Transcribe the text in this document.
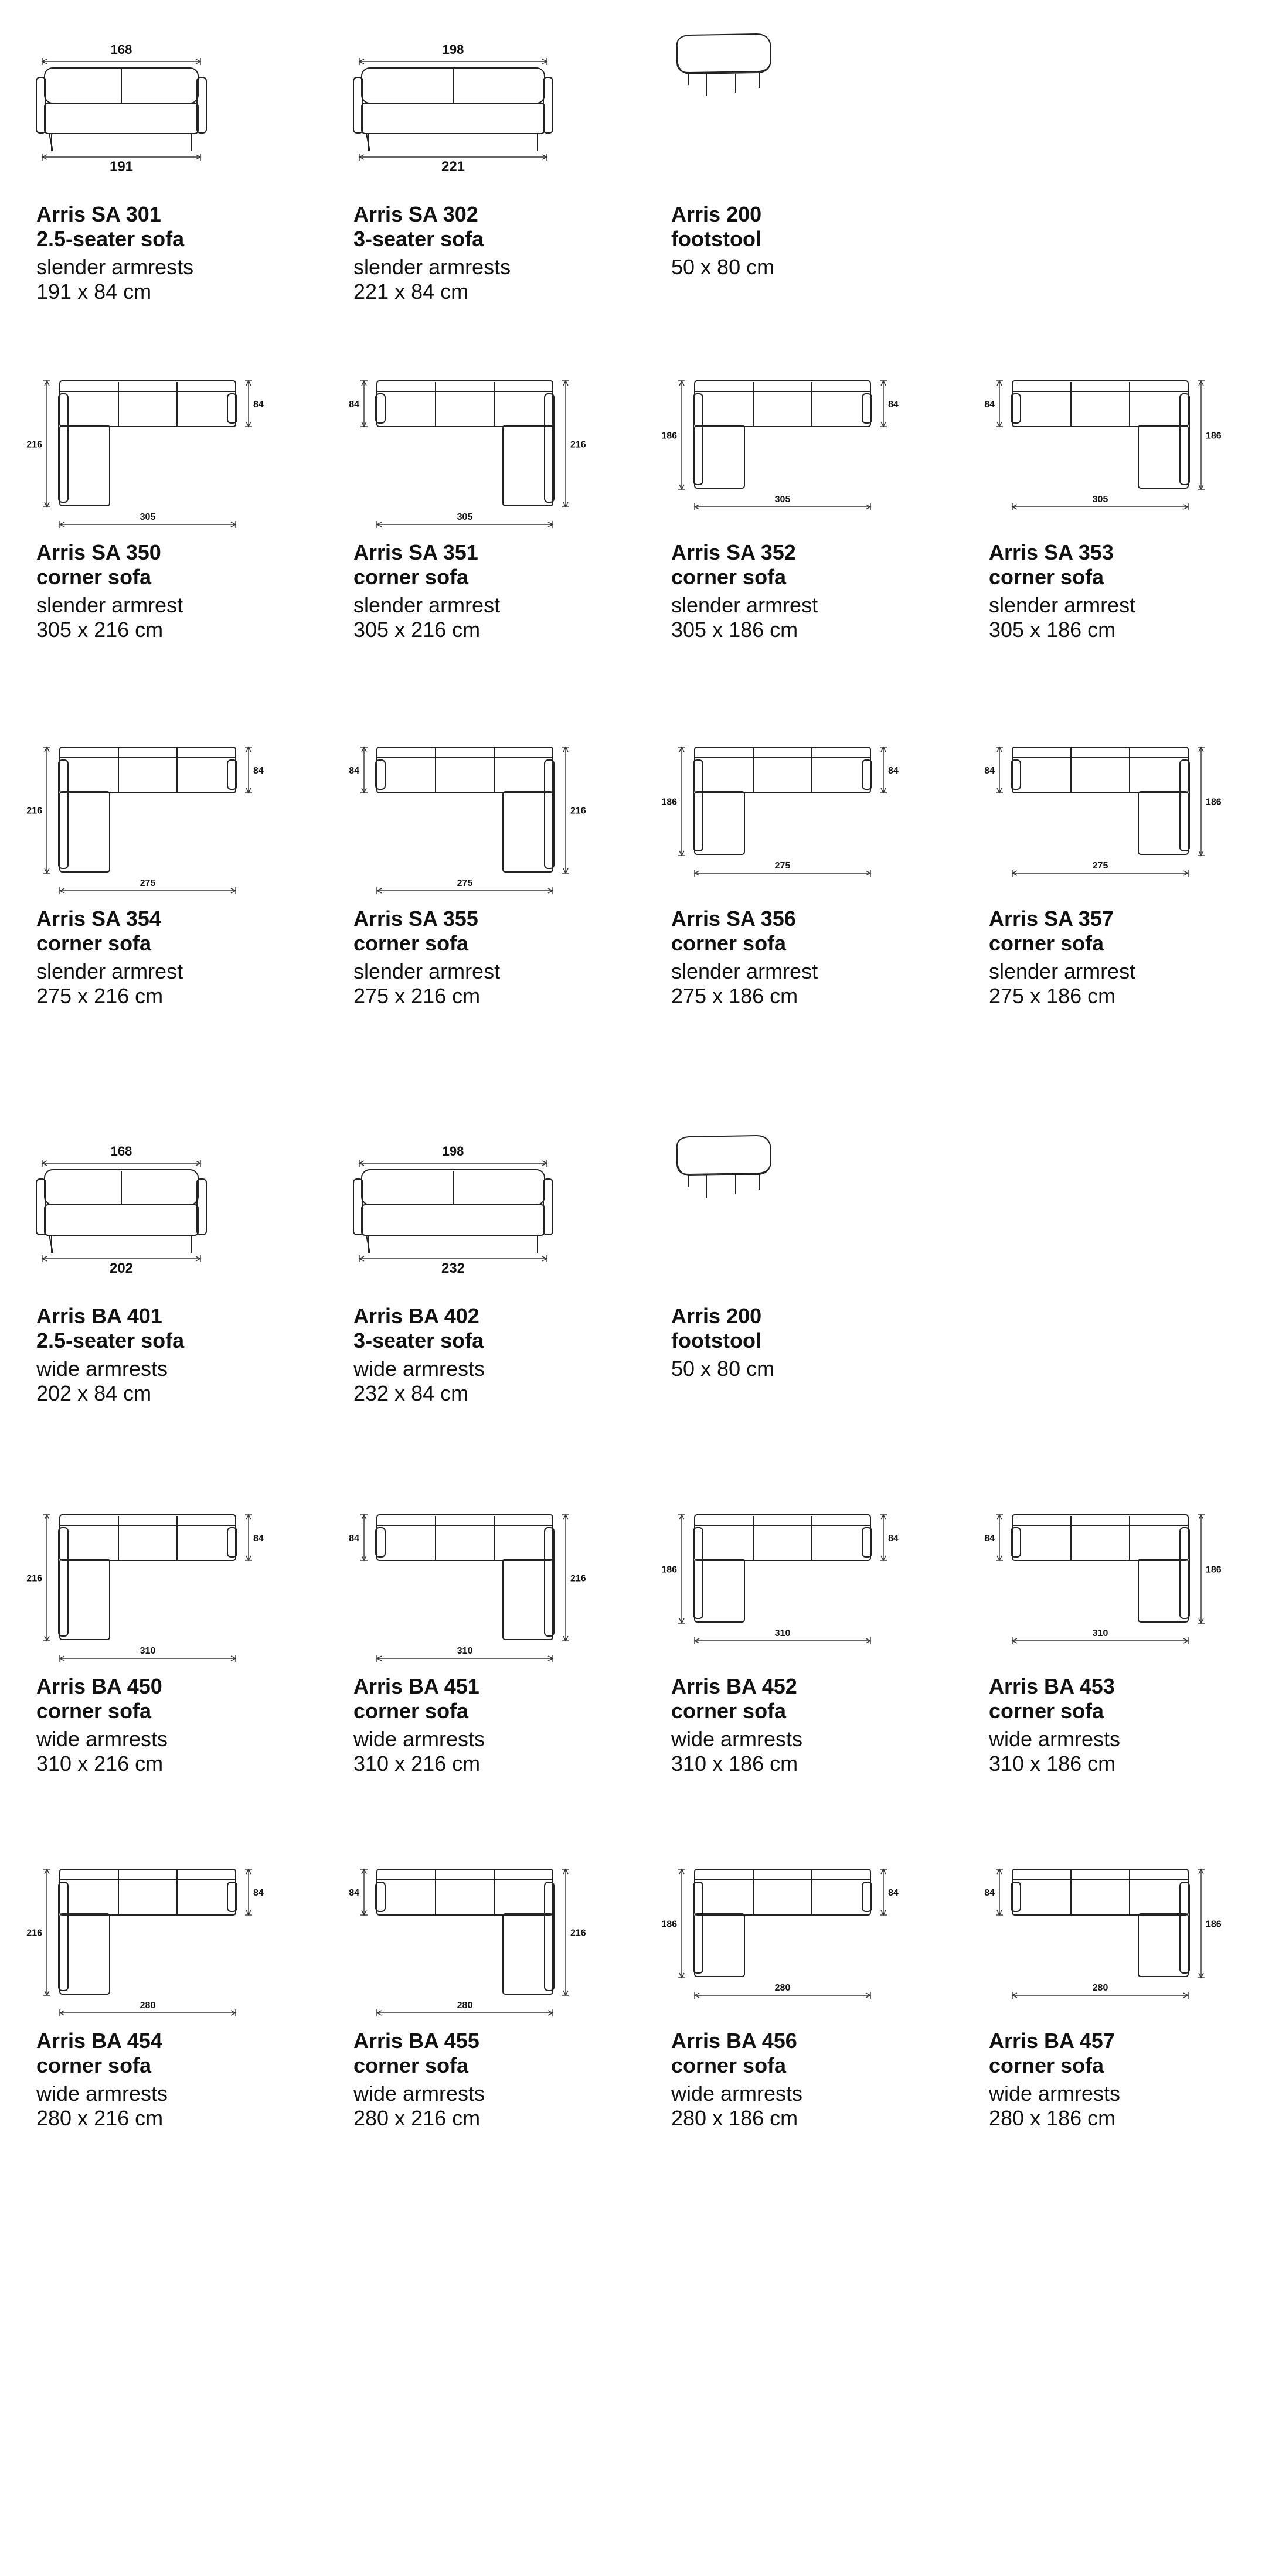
168
191
Arris SA 301
2.5-seater sofa
slender armrests
191 x 84 cm
198
221
Arris SA 302
3-seater sofa
slender armrests
221 x 84 cm
Arris 200
footstool
50 x 80 cm
305
216
84
Arris SA 350
corner sofa
slender armrest
305 x 216 cm
305
216
84
Arris SA 351
corner sofa
slender armrest
305 x 216 cm
305
186
84
Arris SA 352
corner sofa
slender armrest
305 x 186 cm
305
186
84
Arris SA 353
corner sofa
slender armrest
305 x 186 cm
275
216
84
Arris SA 354
corner sofa
slender armrest
275 x 216 cm
275
216
84
Arris SA 355
corner sofa
slender armrest
275 x 216 cm
275
186
84
Arris SA 356
corner sofa
slender armrest
275 x 186 cm
275
186
84
Arris SA 357
corner sofa
slender armrest
275 x 186 cm
168
202
Arris BA 401
2.5-seater sofa
wide armrests
202 x 84 cm
198
232
Arris BA 402
3-seater sofa
wide armrests
232 x 84 cm
Arris 200
footstool
50 x 80 cm
310
216
84
Arris BA 450
corner sofa
wide armrests
310 x 216 cm
310
216
84
Arris BA 451
corner sofa
wide armrests
310 x 216 cm
310
186
84
Arris BA 452
corner sofa
wide armrests
310 x 186 cm
310
186
84
Arris BA 453
corner sofa
wide armrests
310 x 186 cm
280
216
84
Arris BA 454
corner sofa
wide armrests
280 x 216 cm
280
216
84
Arris BA 455
corner sofa
wide armrests
280 x 216 cm
280
186
84
Arris BA 456
corner sofa
wide armrests
280 x 186 cm
280
186
84
Arris BA 457
corner sofa
wide armrests
280 x 186 cm
